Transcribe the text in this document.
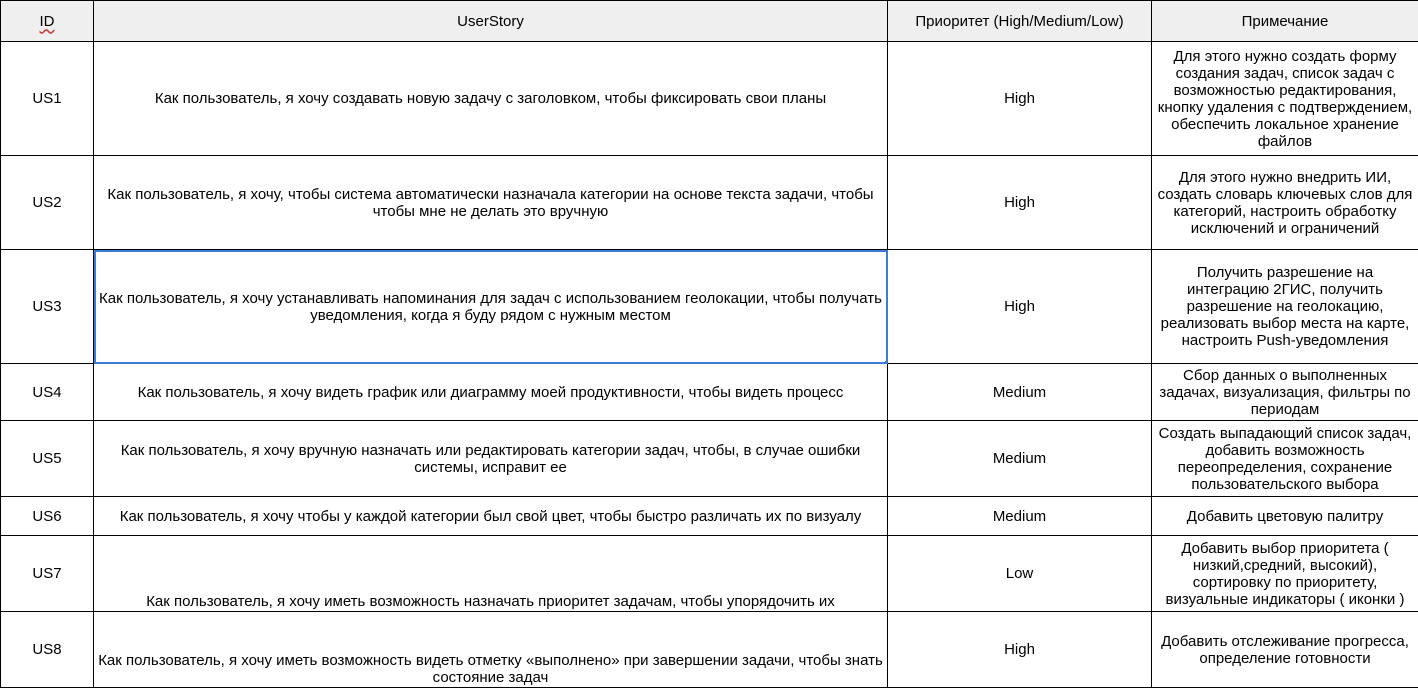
ID	UserStory	Приоритет (High/Medium/Low)	Примечание
US1	Как пользователь, я хочу создавать новую задачу с заголовком, чтобы фиксировать свои планы	High	Для этого нужно создать форму создания задач, список задач с возможностью редактирования, кнопку удаления с подтверждением, обеспечить локальное хранение файлов
US2	Как пользователь, я хочу, чтобы система автоматически назначала категории на основе текста задачи, чтобы чтобы мне не делать это вручную	High	Для этого нужно внедрить ИИ, создать словарь ключевых слов для категорий, настроить обработку исключений и ограничений
US3	Как пользователь, я хочу устанавливать напоминания для задач с использованием геолокации, чтобы получать уведомления, когда я буду рядом с нужным местом	High	Получить разрешение на интеграцию 2ГИС, получить разрешение на геолокацию, реализовать выбор места на карте, настроить Push-уведомления
US4	Как пользователь, я хочу видеть график или диаграмму моей продуктивности, чтобы видеть процесс	Medium	Сбор данных о выполненных задачах, визуализация, фильтры по периодам
US5	Как пользователь, я хочу вручную назначать или редактировать категории задач, чтобы, в случае ошибки системы, исправит ее	Medium	Создать выпадающий список задач, добавить возможность переопределения, сохранение пользовательского выбора
US6	Как пользователь, я хочу чтобы у каждой категории был свой цвет, чтобы быстро различать их по визуалу	Medium	Добавить цветовую палитру
US7	Как пользователь, я хочу иметь возможность назначать приоритет задачам, чтобы упорядочить их	Low	Добавить выбор приоритета ( низкий,средний, высокий), сортировку по приоритету, визуальные индикаторы ( иконки )
US8	Как пользователь, я хочу иметь возможность видеть отметку «выполнено» при завершении задачи, чтобы знать состояние задач	High	Добавить отслеживание прогресса, определение готовности
